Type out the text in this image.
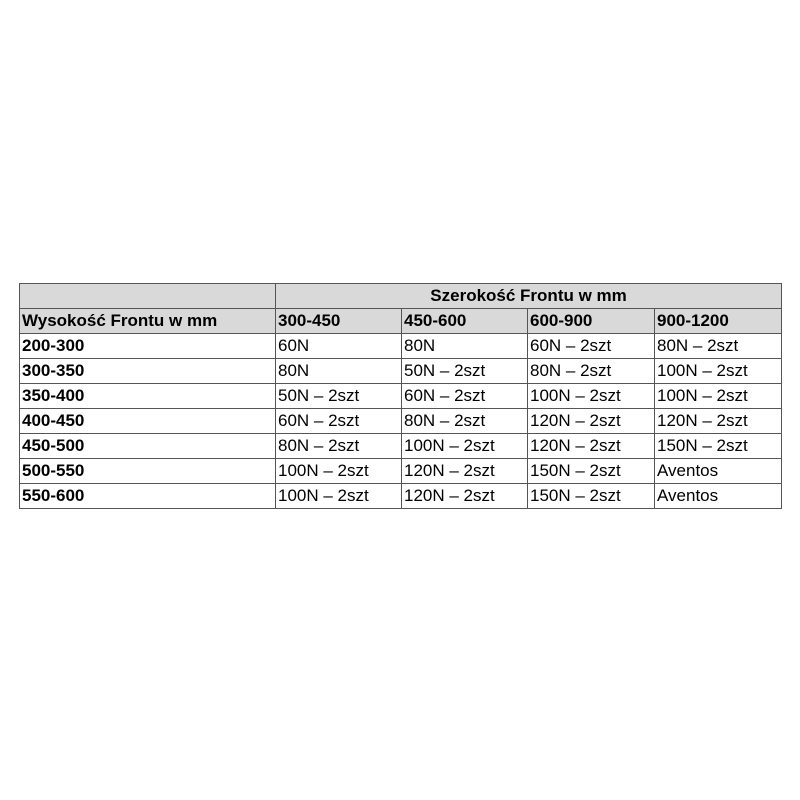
	Szerokość Frontu w mm			
Wysokość Frontu w mm	300-450	450-600	600-900	900-1200
200-300	60N	80N	60N – 2szt	80N – 2szt
300-350	80N	50N – 2szt	80N – 2szt	100N – 2szt
350-400	50N – 2szt	60N – 2szt	100N – 2szt	100N – 2szt
400-450	60N – 2szt	80N – 2szt	120N – 2szt	120N – 2szt
450-500	80N – 2szt	100N – 2szt	120N – 2szt	150N – 2szt
500-550	100N – 2szt	120N – 2szt	150N – 2szt	Aventos
550-600	100N – 2szt	120N – 2szt	150N – 2szt	Aventos
